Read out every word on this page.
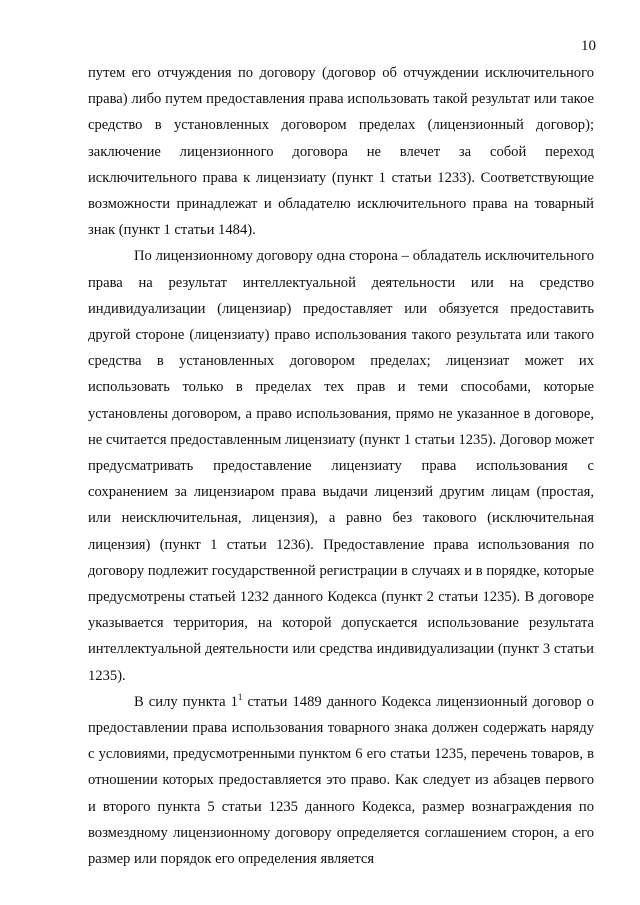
10

путем его отчуждения по договору (договор об отчуждении исключительного права) либо путем предоставления права использовать такой результат или такое средство в установленных договором пределах (лицензионный договор); заключение лицензионного договора не влечет за собой переход исключительного права к лицензиату (пункт 1 статьи 1233). Соответствующие возможности принадлежат и обладателю исключительного права на товарный знак (пункт 1 статьи 1484).

По лицензионному договору одна сторона – обладатель исключительного права на результат интеллектуальной деятельности или на средство индивидуализации (лицензиар) предоставляет или обязуется предоставить другой стороне (лицензиату) право использования такого результата или такого средства в установленных договором пределах; лицензиат может их использовать только в пределах тех прав и теми способами, которые установлены договором, а право использования, прямо не указанное в договоре, не считается предоставленным лицензиату (пункт 1 статьи 1235). Договор может предусматривать предоставление лицензиату права использования с сохранением за лицензиаром права выдачи лицензий другим лицам (простая, или неисключительная, лицензия), а равно без такового (исключительная лицензия) (пункт 1 статьи 1236). Предоставление права использования по договору подлежит государственной регистрации в случаях и в порядке, которые предусмотрены статьей 1232 данного Кодекса (пункт 2 статьи 1235). В договоре указывается территория, на которой допускается использование результата интеллектуальной деятельности или средства индивидуализации (пункт 3 статьи 1235).

В силу пункта $1^1$ статьи 1489 данного Кодекса лицензионный договор о предоставлении права использования товарного знака должен содержать наряду с условиями, предусмотренными пунктом 6 его статьи 1235, перечень товаров, в отношении которых предоставляется это право. Как следует из абзацев первого и второго пункта 5 статьи 1235 данного Кодекса, размер вознаграждения по возмездному лицензионному договору определяется соглашением сторон, а его размер или порядок его определения является
